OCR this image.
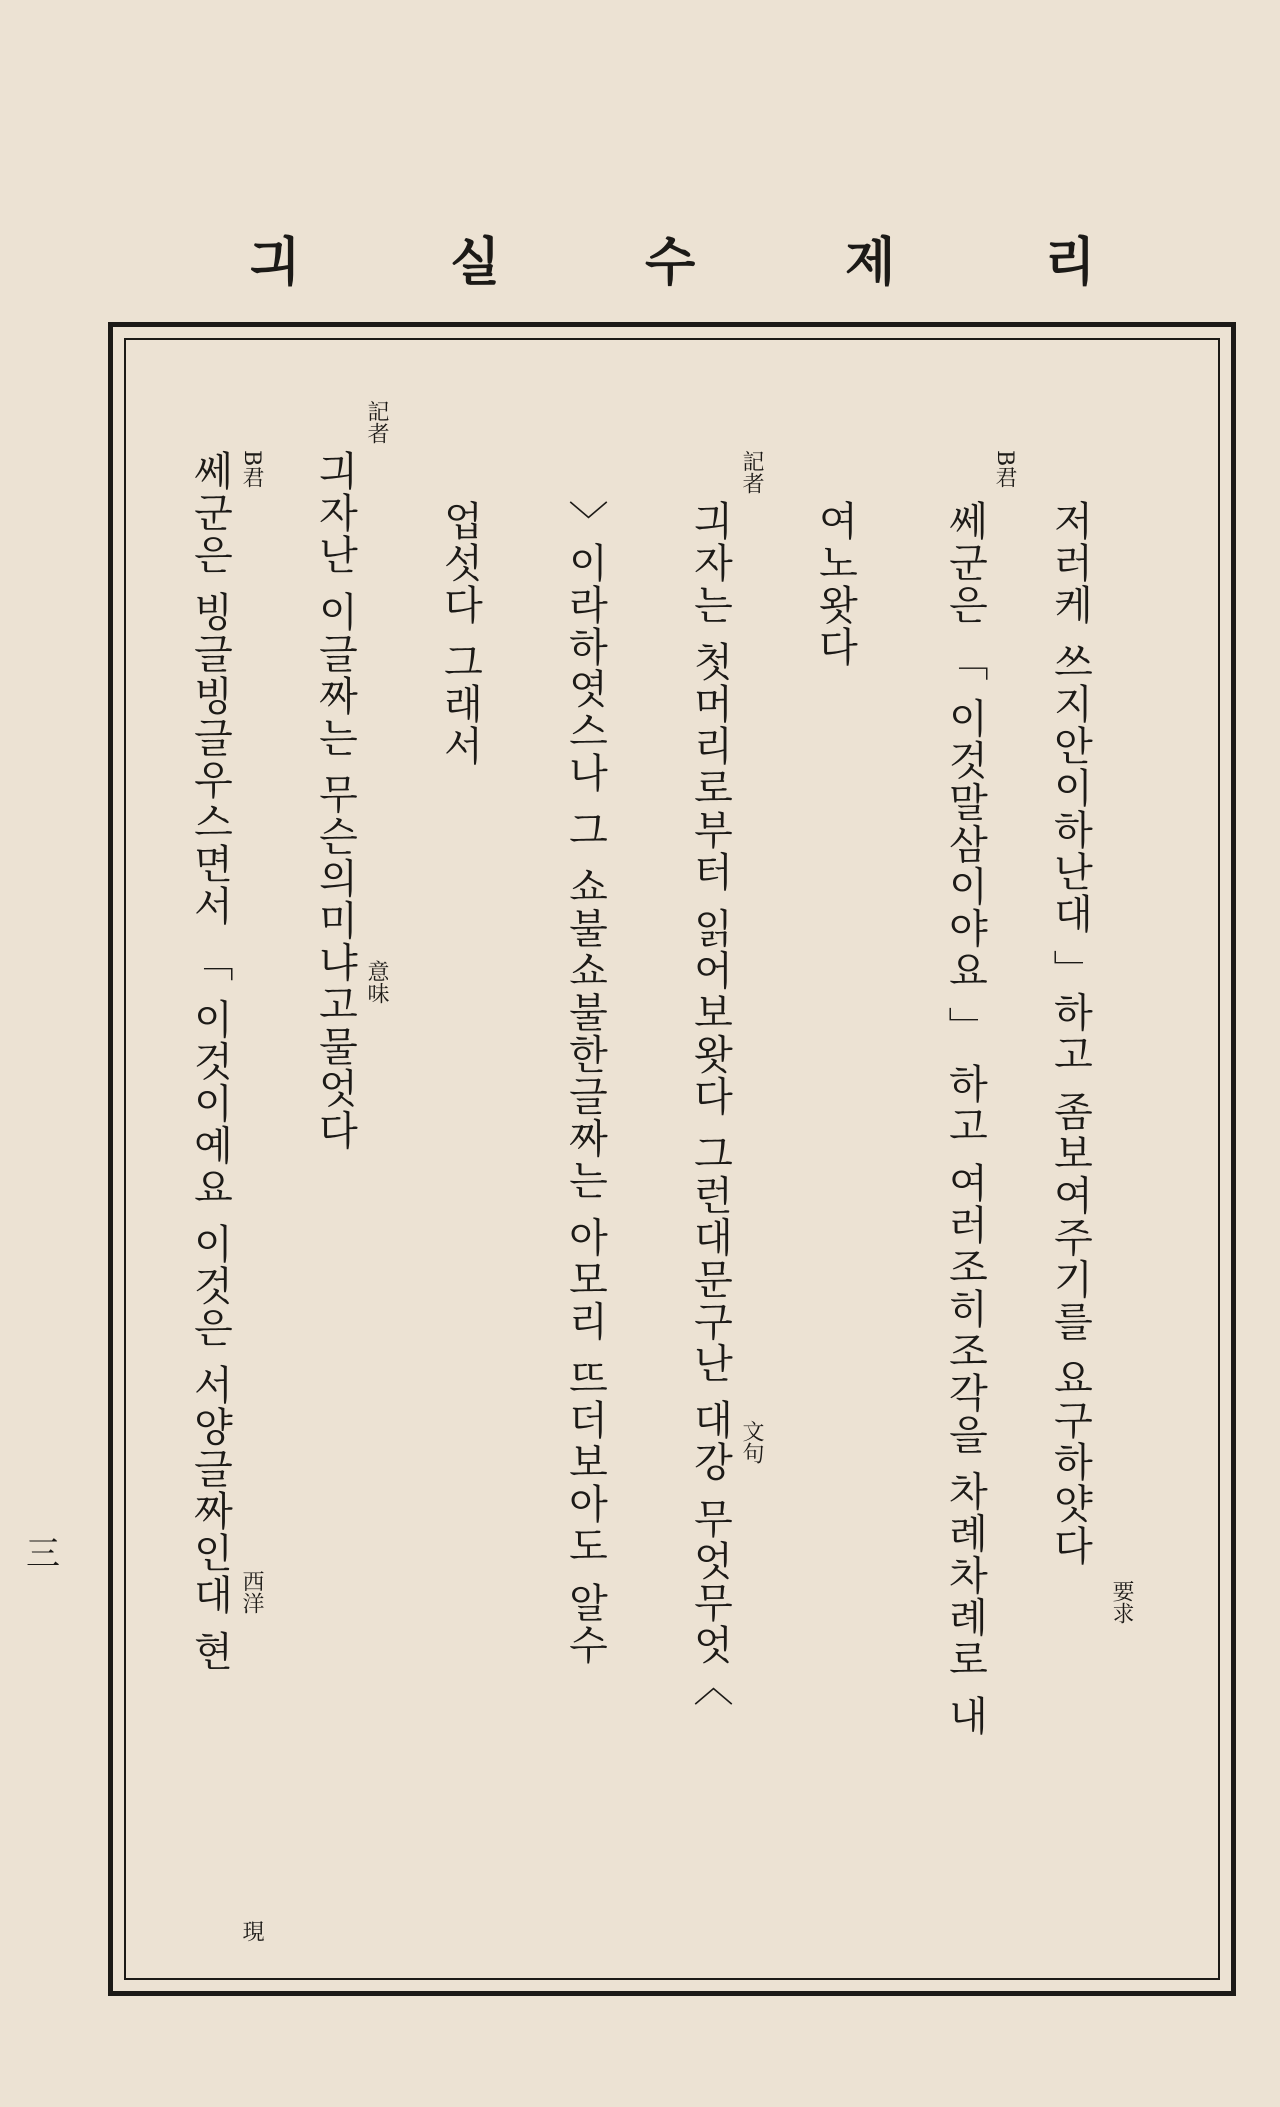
리
제
수
실
긔
저러케 쓰지안이하난대 」하고 좀보여주기를 요구하얏다
쎄군은 「 이것말삼이야요 」 하고 여러조히조각을 차례차례로 내
여노왓다
긔자는 첫머리로부터 읽어보왓다 그런대문구난 대강 무엇무엇〈
〉이라하엿스나 그 쇼불쇼불한글짜는 아모리 뜨더보아도 알수
업섯다 그래서
긔자난 이글짜는 무슨의미냐고물엇다
쎄군은 빙글빙글우스면서 「 이것이예요 이것은 서양글짜인대 현	要求
B君
記者
文句
記者
意味
B君
西洋
現
三
